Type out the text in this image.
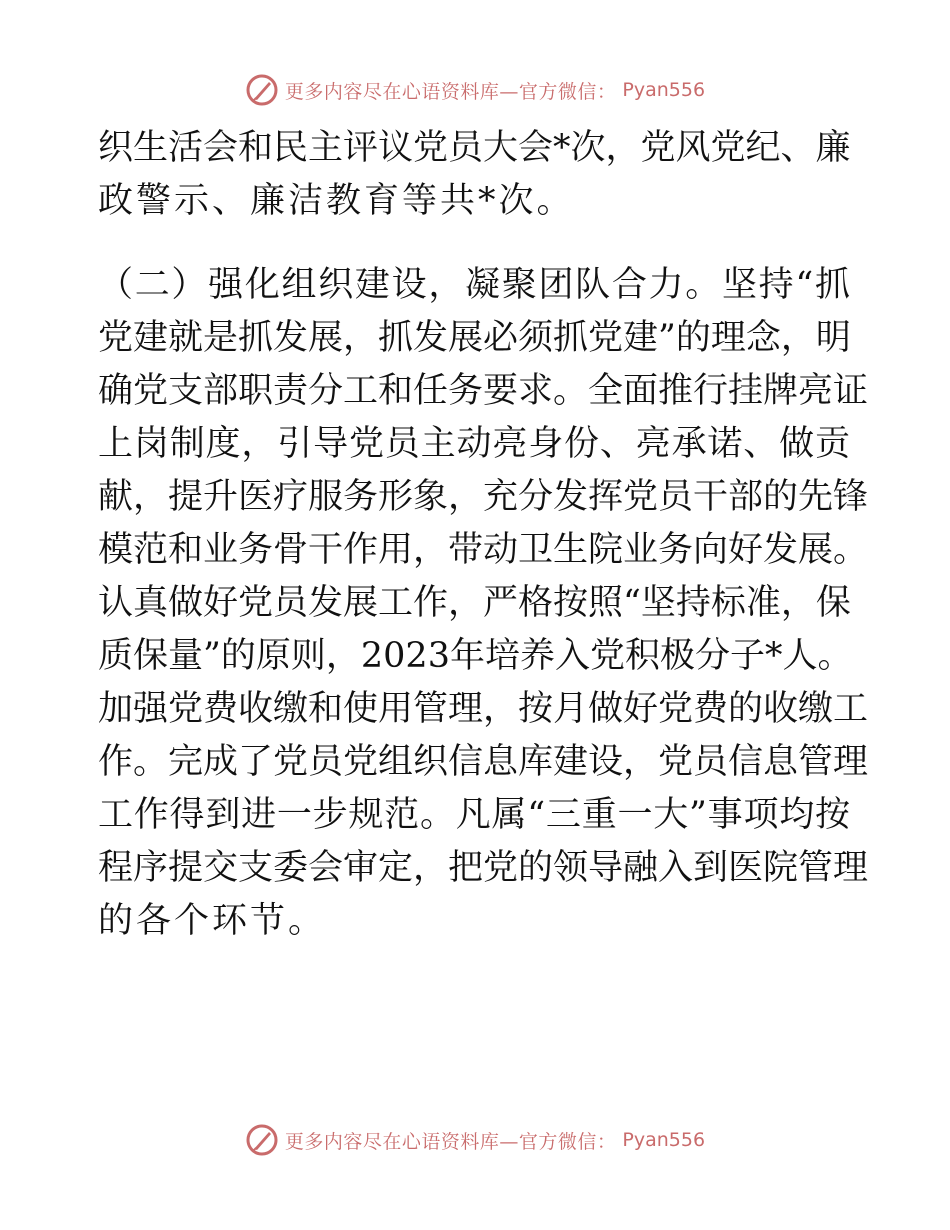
更多内容尽在心语资料库—官方微信： Pyan556
织生活会和民主评议党员大会*次，党风党纪、廉
政警示、廉洁教育等共*次。
（二）强化组织建设，凝聚团队合力。坚持“抓
党建就是抓发展，抓发展必须抓党建”的理念，明
确党支部职责分工和任务要求。全面推行挂牌亮证
上岗制度，引导党员主动亮身份、亮承诺、做贡
献，提升医疗服务形象，充分发挥党员干部的先锋
模范和业务骨干作用，带动卫生院业务向好发展。
认真做好党员发展工作，严格按照“坚持标准，保
质保量”的原则，2023年培养入党积极分子*人。
加强党费收缴和使用管理，按月做好党费的收缴工
作。完成了党员党组织信息库建设，党员信息管理
工作得到进一步规范。凡属“三重一大”事项均按
程序提交支委会审定，把党的领导融入到医院管理
的各个环节。
更多内容尽在心语资料库—官方微信： Pyan556
